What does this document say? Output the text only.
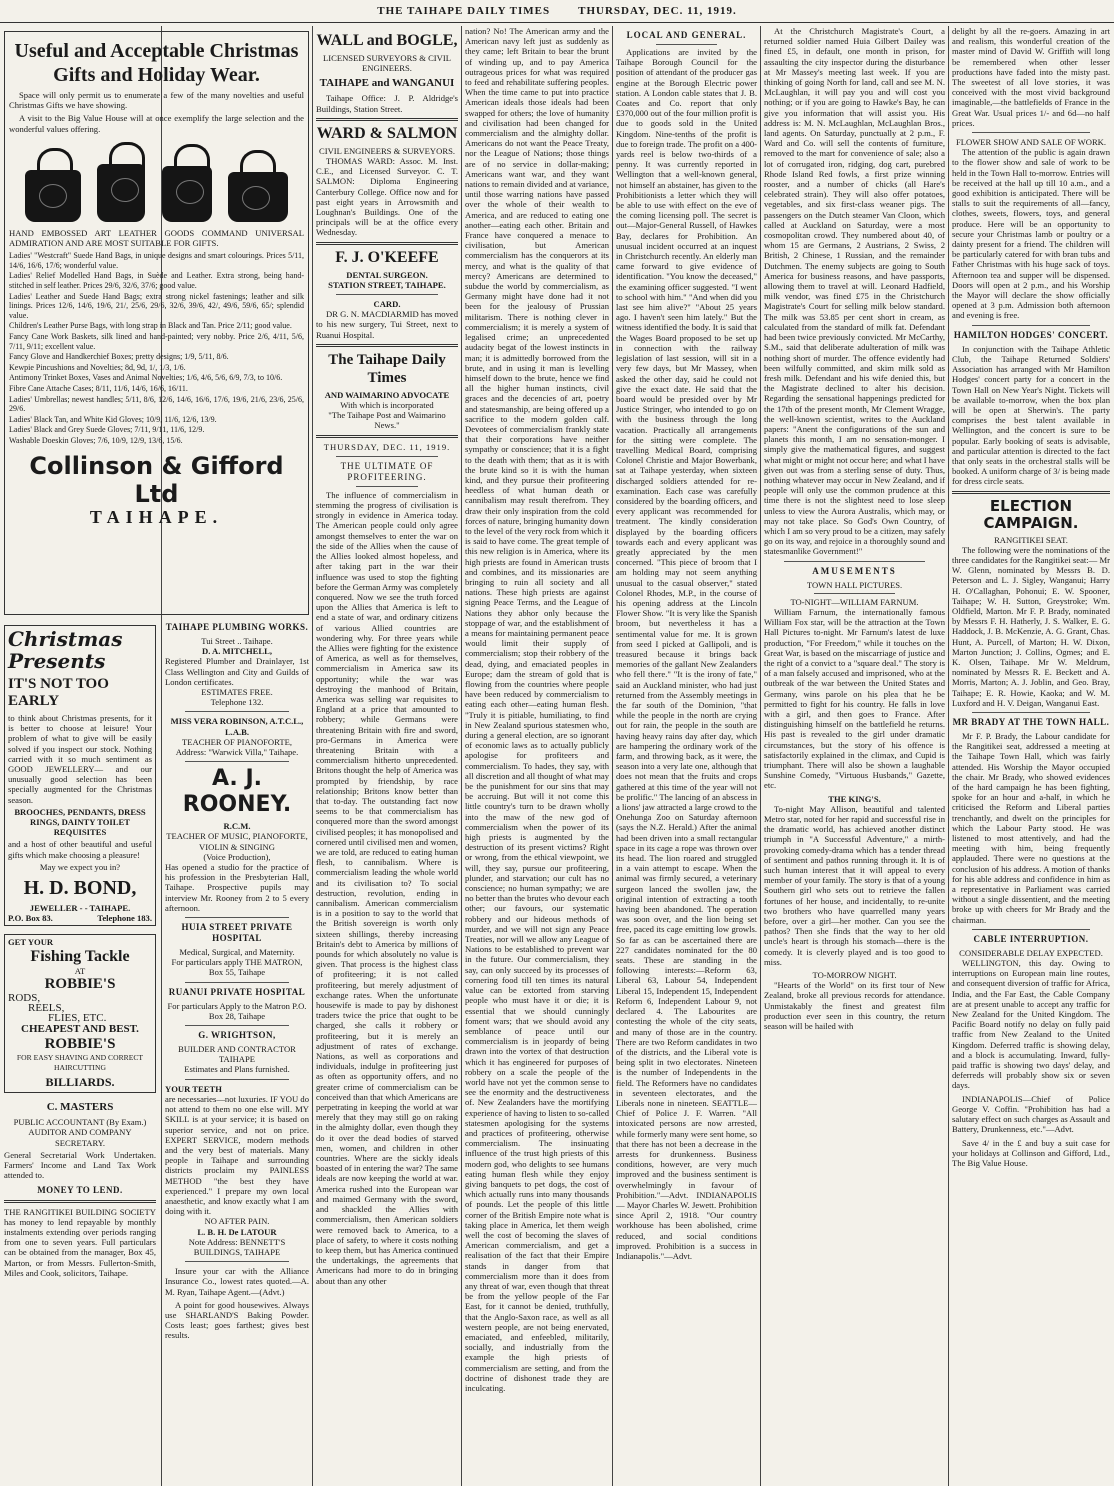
THE TAIHAPE DAILY TIMES	THURSDAY, DEC. 11, 1919.
Useful and Acceptable Christmas Gifts and Holiday Wear.

Space will only permit us to enumerate a few of the many novelties and useful Christmas Gifts we have showing.

A visit to the Big Value House will at once exemplify the large selection and the wonderful values offering.

HAND EMBOSSED ART LEATHER GOODS COMMAND UNIVERSAL ADMIRATION AND ARE MOST SUITABLE FOR GIFTS.

Ladies' "Westcraft" Suede Hand Bags, in unique designs and smart colourings. Prices 5/11, 14/6, 16/6, 17/6; wonderful value.

Ladies' Relief Modelled Hand Bags, in Suède and Leather. Extra strong, being hand-stitched in self leather. Prices 29/6, 32/6, 37/6; good value.

Ladies' Leather and Suede Hand Bags; extra strong nickel fastenings; leather and silk linings. Prices 12/6, 14/6, 19/6, 21/, 25/6, 29/6, 32/6, 39/6, 42/, 49/6, 59/6, 65/; splendid value.

Children's Leather Purse Bags, with long strap in Black and Tan. Price 2/11; good value.

Fancy Cane Work Baskets, silk lined and hand-painted; very nobby. Price 2/6, 4/11, 5/6, 7/11, 9/11; excellent value.

Fancy Glove and Handkerchief Boxes; pretty designs; 1/9, 5/11, 8/6.

Kewpie Pincushions and Novelties; 8d, 9d, 1/, 1/3, 1/6.

Antimony Trinket Boxes, Vases and Animal Novelties; 1/6, 4/6, 5/6, 6/9, 7/3, to 10/6.

Fibre Cane Attache Cases; 8/11, 11/6, 14/6, 16/6, 16/11.

Ladies' Umbrellas; newest handles; 5/11, 8/6, 12/6, 14/6, 16/6, 17/6, 19/6, 21/6, 23/6, 25/6, 29/6.

Ladies' Black Tan, and White Kid Gloves; 10/9, 11/6, 12/6, 13/9.

Ladies' Black and Grey Suede Gloves; 7/11, 9/11, 11/6, 12/9.

Washable Doeskin Gloves; 7/6, 10/9, 12/9, 13/6, 15/6.

Collinson & Gifford Ltd
TAIHAPE.
Christmas Presents
IT'S NOT TOO EARLY

to think about Christmas presents, for it is better to choose at leisure! Your problem of what to give will be easily solved if you inspect our stock. Nothing carried with it so much sentiment as GOOD JEWELLERY— and our unusually good selection has been specially augmented for the Christmas season.

BROOCHES, PENDANTS, DRESS RINGS, DAINTY TOILET REQUISITES

and a host of other beautiful and useful gifts which make choosing a pleasure!

May we expect you in?

H. D. BOND,
JEWELLER - - TAIHAPE.
P.O. Box 83.	Telephone 183.
GET YOUR
Fishing Tackle
AT
ROBBIE'S
RODS,
REELS,
FLIES, ETC.
CHEAPEST AND BEST.
ROBBIE'S
FOR EASY SHAVING AND CORRECT HAIRCUTTING
BILLIARDS.
C. MASTERS

PUBLIC ACCOUNTANT (By Exam.) AUDITOR AND COMPANY SECRETARY.

General Secretarial Work Undertaken. Farmers' Income and Land Tax Work attended to.

MONEY TO LEND.

THE RANGITIKEI BUILDING SOCIETY has money to lend repayable by monthly instalments extending over periods ranging from one to seven years. Full particulars can be obtained from the manager, Box 45, Marton, or from Messrs. Fullerton-Smith, Miles and Cook, solicitors, Taihape.

TAIHAPE PLUMBING WORKS.
Tui Street .. Taihape.
D. A. MITCHELL,

Registered Plumber and Drainlayer, 1st Class Wellington and City and Guilds of London certificates.

ESTIMATES FREE.
Telephone 132.
MISS VERA ROBINSON, A.T.C.L., L.A.B.
TEACHER OF PIANOFORTE,
Address: "Warwick Villa," Taihape.
A. J. ROONEY.
R.C.M.
TEACHER OF MUSIC, PIANOFORTE, VIOLIN & SINGING
(Voice Production),

Has opened a studio for the practice of his profession in the Presbyterian Hall, Taihape. Prospective pupils may interview Mr. Rooney from 2 to 5 every afternoon.

HUIA STREET PRIVATE HOSPITAL
Medical, Surgical, and Maternity.
For particulars apply THE MATRON,
Box 55, Taihape
RUANUI PRIVATE HOSPITAL
For particulars Apply to the Matron P.O. Box 28, Taihape
G. WRIGHTSON,
BUILDER AND CONTRACTOR TAIHAPE
Estimates and Plans furnished.
YOUR TEETH

are necessaries—not luxuries. IF YOU do not attend to them no one else will. MY SKILL is at your service; it is based on superior service, and not on price. EXPERT SERVICE, modern methods and the very best of materials. Many people in Taihape and surrounding districts proclaim my PAINLESS METHOD "the best they have experienced." I prepare my own local anaesthetic, and know exactly what I am doing with it.

NO AFTER PAIN.
L. B. H. De LATOUR
Note Address: BENNETT'S BUILDINGS, TAIHAPE

Insure your car with the Alliance Insurance Co., lowest rates quoted.—A. M. Ryan, Taihape Agent.—(Advt.)

A point for good housewives. Always use SHARLAND'S Baking Powder. Costs least; goes farthest; gives best results.

WALL and BOGLE,
LICENSED SURVEYORS & CIVIL ENGINEERS.
TAIHAPE and WANGANUI

Taihape Office: J. P. Aldridge's Buildings, Station Street.

WARD & SALMON
CIVIL ENGINEERS & SURVEYORS.

THOMAS WARD: Assoc. M. Inst. C.E., and Licensed Surveyor. C. T. SALMON: Diploma Engineering Canterbury College. Office now and for past eight years in Arrowsmith and Loughnan's Buildings. One of the principals will be at the office every Wednesday.

F. J. O'KEEFE
DENTAL SURGEON.
STATION STREET, TAIHAPE.
CARD.

DR G. N. MACDIARMID has moved to his new surgery, Tui Street, next to Ruanui Hospital.

The Taihape Daily Times
AND WAIMARINO ADVOCATE
With which is incorporated
"The Taihape Post and Waimarino News."
THURSDAY, DEC. 11, 1919.
THE ULTIMATE OF PROFITEERING.

The influence of commercialism in stemming the progress of civilisation is strongly in evidence in America today. The American people could only agree amongst themselves to enter the war on the side of the Allies when the cause of the Allies looked almost hopeless, and after taking part in the war their influence was used to stop the fighting before the German Army was completely conquered. Now we see the truth forced upon the Allies that America is left to end a state of war, and ordinary citizens of various Allied countries are wondering why. For three years while the Allies were fighting for the existence of America, as well as for themselves, commercialism in America saw its opportunity; while the war was destroying the manhood of Britain, America was selling war requisites to England at a price that amounted to robbery; while Germans were threatening Britain with fire and sword, pro-Germans in America were threatening Britain with a commercialism hitherto unprecedented. Britons thought the help of America was prompted by friendship, by race relationship; Britons know better than that to-day. The outstanding fact now seems to be that commercialism has conquered more than the sword amongst civilised peoples; it has monopolised and cornered until civilised men and women, we are told, are reduced to eating human flesh, to cannibalism. Where is commercialism leading the whole world and its civilisation to? To social destruction, revolution, ending in cannibalism. American commercialism is in a position to say to the world that the British sovereign is worth only sixteen shillings, thereby increasing Britain's debt to America by millions of pounds for which absolutely no value is given. That process is the highest class of profiteering; it is not called profiteering, but merely adjustment of exchange rates. When the unfortunate housewife is made to pay by dishonest traders twice the price that ought to be charged, she calls it robbery or profiteering, but it is merely an adjustment of rates of exchange. Nations, as well as corporations and individuals, indulge in profiteering just as often as opportunity offers, and no greater crime of commercialism can be conceived than that which Americans are perpetrating in keeping the world at war merely that they may still go on raking in the almighty dollar, even though they do it over the dead bodies of starved men, women, and children in other countries. Where are the sickly ideals boasted of in entering the war? The same ideals are now keeping the world at war. America rushed into the European war and maimed Germany with the sword, and shackled the Allies with commercialism, then American soldiers were removed back to America, to a place of safety, to where it costs nothing to keep them, but has America continued the undertakings, the agreements that Americans had more to do in bringing about than any other

nation? No! The American army and the American navy left just as suddenly as they came; left Britain to bear the brunt of winding up, and to pay America outrageous prices for what was required to feed and rehabilitate suffering peoples. When the time came to put into practice American ideals those ideals had been swapped for others; the love of humanity and civilisation had been changed for commercialism and the almighty dollar. Americans do not want the Peace Treaty, nor the League of Nations; those things are of no service in dollar-making; Americans want war, and they want nations to remain divided and at variance, until those warring nations have passed over the whole of their wealth to America, and are reduced to eating one another—eating each other. Britain and France have conquered a menace to civilisation, but American commercialism has the conquerors at its mercy, and what is the quality of that mercy? Americans are determined to subdue the world by commercialism, as Germany might have done had it not been for the jealousy of Prussian militarism. There is nothing clever in commercialism; it is merely a system of legalised crime; an unprecedented audacity begat of the lowest instincts in man; it is admittedly borrowed from the brute, and in using it man is levelling himself down to the brute, hence we find all the higher human instincts, civil graces and the decencies of art, poetry and statesmanship, are being offered up a sacrifice to the modern golden calf. Devotees of commercialism frankly state that their corporations have neither sympathy or conscience; that it is a fight to the death with them; that as it is with the brute kind so it is with the human kind, and they pursue their profiteering heedless of what human death or cannibalism may result therefrom. They draw their only inspiration from the cold forces of nature, bringing humanity down to the level of the very rock from which it is said to have come. The great temple of this new religion is in America, where its high priests are found in American trusts and combines, and its missionaries are bringing to ruin all society and all nations. These high priests are against signing Peace Terms, and the League of Nations they abhor only because the stoppage of war, and the establishment of a means for maintaining permanent peace would limit their supply of commercialism; stop their robbery of the dead, dying, and emaciated peoples in Europe; dam the stream of gold that is flowing from the countries where people have been reduced by commercialism to eating each other—eating human flesh. "Truly it is pitiable, humiliating, to find in New Zealand spurious statesmen who, during a general election, are so ignorant of economic laws as to actually publicly apologise for profiteers and commercialism. To hades, they say, with all discretion and all thought of what may be the punishment for our sins that may be accruing. But will it not come this little country's turn to be drawn wholly into the maw of the new god of commercialism when the power of its high priests is augmented by the destruction of its present victims? Right or wrong, from the ethical viewpoint, we will, they say, pursue our profiteering, plunder, and starvation; our cult has no conscience; no human sympathy; we are no better than the brutes who devour each other; our favours, our systematic robbery and our hideous methods of murder, and we will not sign any Peace Treaties, nor will we allow any League of Nations to be established to prevent war in the future. Our commercialism, they say, can only succeed by its processes of cornering food till ten times its natural value can be extorted from starving people who must have it or die; it is essential that we should cunningly foment wars; that we should avoid any semblance of peace until our commercialism is in jeopardy of being drawn into the vortex of that destruction which it has engineered for purposes of robbery on a scale the people of the world have not yet the common sense to see the enormity and the destructiveness of. New Zealanders have the mortifying experience of having to listen to so-called statesmen apologising for the systems and practices of profiteering, otherwise commercialism. The insinuating influence of the trust high priests of this modern god, who delights to see humans eating human flesh while they enjoy giving banquets to pet dogs, the cost of which actually runs into many thousands of pounds. Let the people of this little corner of the British Empire note what is taking place in America, let them weigh well the cost of becoming the slaves of American commercialism, and get a realisation of the fact that their Empire stands in danger from that commercialism more than it does from any threat of war, even though that threat be from the yellow people of the Far East, for it cannot be denied, truthfully, that the Anglo-Saxon race, as well as all western people, are not being enervated, emaciated, and enfeebled, militarily, socially, and industrially from the example the high priests of commercialism are setting, and from the doctrine of dishonest trade they are inculcating.

LOCAL AND GENERAL.

Applications are invited by the Taihape Borough Council for the position of attendant of the producer gas engine at the Borough Electric power station. A London cable states that J. B. Coates and Co. report that only £370,000 out of the four million profit is due to goods sold in the United Kingdom. Nine-tenths of the profit is due to foreign trade. The profit on a 400-yards reel is below two-thirds of a penny. It was currently reported in Wellington that a well-known general, not himself an abstainer, has given to the Prohibitionists a letter which they will be able to use with effect on the eve of the coming licensing poll. The secret is out—Major-General Russell, of Hawkes Bay, declares for Prohibition. An unusual incident occurred at an inquest in Christchurch recently. An elderly man came forward to give evidence of identification. "You know the deceased," the examining officer suggested. "I went to school with him." "And when did you last see him alive?" "About 25 years ago. I haven't seen him lately." But the witness identified the body. It is said that the Wages Board proposed to be set up in connection with the railway legislation of last session, will sit in a very few days, but Mr Massey, when asked the other day, said he could not give the exact date. He said that the board would be presided over by Mr Justice Stringer, who intended to go on with the business through the long vacation. Practically all arrangements for the sitting were complete. The travelling Medical Board, comprising Colonel Christie and Major Bowerbank, sat at Taihape yesterday, when sixteen discharged soldiers attended for re-examination. Each case was carefully considered by the boarding officers, and every applicant was recommended for treatment. The kindly consideration displayed by the boarding officers towards each and every applicant was greatly appreciated by the men concerned. "This piece of broom that I am holding may not seem anything unusual to the casual observer," stated Colonel Rhodes, M.P., in the course of his opening address at the Lincoln Flower Show. "It is very like the Spanish broom, but nevertheless it has a sentimental value for me. It is grown from seed I picked at Gallipoli, and is treasured because it brings back memories of the gallant New Zealanders who fell there." "It is the irony of fate," said an Auckland minister, who had just returned from the Assembly meetings in the far south of the Dominion, "that while the people in the north are crying out for rain, the people in the south are having heavy rains day after day, which are hampering the ordinary work of the farm, and throwing back, as it were, the season into a very late one, although that does not mean that the fruits and crops gathered at this time of the year will not be prolific." The lancing of an abscess in a lions' jaw attracted a large crowd to the Onehunga Zoo on Saturday afternoon (says the N.Z. Herald.) After the animal had been driven into a small rectangular space in its cage a rope was thrown over its head. The lion roared and struggled in a vain attempt to escape. When the animal was firmly secured, a veterinary surgeon lanced the swollen jaw, the original intention of extracting a tooth having been abandoned. The operation was soon over, and the lion being set free, paced its cage emitting low growls. So far as can be ascertained there are 227 candidates nominated for the 80 seats. These are standing in the following interests:—Reform 63, Liberal 63, Labour 54, Independent Liberal 15, Independent 15, Independent Reform 6, Independent Labour 9, not declared 4. The Labourites are contesting the whole of the city seats, and many of those are in the country. There are two Reform candidates in two of the districts, and the Liberal vote is being split in two electorates. Nineteen is the number of Independents in the field. The Reformers have no candidates in seventeen electorates, and the Liberals none in nineteen. SEATTLE—Chief of Police J. F. Warren. "All intoxicated persons are now arrested, while formerly many were sent home, so that there has not been a decrease in the arrests for drunkenness. Business conditions, however, are very much improved and the business sentiment is overwhelmingly in favour of Prohibition."—Advt. INDIANAPOLIS — Mayor Charles W. Jewett. Prohibition since April 2, 1918. "Our country workhouse has been abolished, crime reduced, and social conditions improved. Prohibition is a success in Indianapolis."—Advt.

At the Christchurch Magistrate's Court, a returned soldier named Huia Gilbert Dailey was fined £5, in default, one month in prison, for assaulting the city inspector during the disturbance at Mr Massey's meeting last week. If you are thinking of going North for land, call and see M. N. McLaughlan, it will pay you and will cost you nothing; or if you are going to Hawke's Bay, he can give you information that will assist you. His address is: M. N. McLaughlan, McLaughlan Bros., land agents. On Saturday, punctually at 2 p.m., F. Ward and Co. will sell the contents of furniture, removed to the mart for convenience of sale; also a lot of corrugated iron, ridging, dog cart, purebred Rhode Island Red fowls, a first prize winning rooster, and a number of chicks (all Hare's celebrated strain). They will also offer potatoes, vegetables, and six first-class weaner pigs. The passengers on the Dutch steamer Van Cloon, which called at Auckland on Saturday, were a most cosmopolitan crowd. They numbered about 40, of whom 15 are Germans, 2 Austrians, 2 Swiss, 2 British, 2 Chinese, 1 Russian, and the remainder Dutchmen. The enemy subjects are going to South America for business reasons, and have passports, allowing them to travel at will. Leonard Hadfield, milk vendor, was fined £75 in the Christchurch Magistrate's Court for selling milk below standard. The milk was 53.85 per cent short in cream, as calculated from the standard of milk fat. Defendant had been twice previously convicted. Mr McCarthy, S.M., said that deliberate adulteration of milk was nothing short of murder. The offence evidently had been wilfully committed, and skim milk sold as fresh milk. Defendant and his wife denied this, but the Magistrate declined to alter his decision. Regarding the sensational happenings predicted for the 17th of the present month, Mr Clement Wragge, the well-known scientist, writes to the Auckland papers: "Anent the configurations of the sun and planets this month, I am no sensation-monger. I simply give the mathematical figures, and suggest what might or might not occur here; and what I have given out was from a sterling sense of duty. Thus, nothing whatever may occur in New Zealand, and if people will only use the common prudence at this time there is not the slightest need to lose sleep unless to view the Aurora Australis, which may, or may not take place. So God's Own Country, of which I am so very proud to be a citizen, may safely go on its way, and rejoice in a thoroughly sound and statesmanlike Government!"

AMUSEMENTS
TOWN HALL PICTURES.
TO-NIGHT—WILLIAM FARNUM.

William Farnum, the internationally famous William Fox star, will be the attraction at the Town Hall Pictures to-night. Mr Farnum's latest de luxe production, "For Freedom," while it touches on the Great War, is based on the miscarriage of justice and the right of a convict to a "square deal." The story is of a man falsely accused and imprisoned, who at the outbreak of the war between the United States and Germany, wins parole on his plea that he be permitted to fight for his country. He falls in love with a girl, and then goes to France. After distinguishing himself on the battlefield he returns. His past is revealed to the girl under dramatic circumstances, but the story of his offence is satisfactorily explained in the climax, and Cupid is triumphant. There will also be shown a laughable Sunshine Comedy, "Virtuous Husbands," Gazette, etc.

THE KING'S.

To-night May Allison, beautiful and talented Metro star, noted for her rapid and successful rise in the dramatic world, has achieved another distinct triumph in "A Successful Adventure," a mirth-provoking comedy-drama which has a tender thread of sentiment and pathos running through it. It is of such human interest that it will appeal to every member of your family. The story is that of a young Southern girl who sets out to retrieve the fallen fortunes of her house, and incidentally, to re-unite two brothers who have quarrelled many years before, over a girl—her mother. Can you see the pathos? Then she finds that the way to her old uncle's heart is through his stomach—there is the comedy. It is cleverly played and is too good to miss.

TO-MORROW NIGHT.

"Hearts of the World" on its first tour of New Zealand, broke all previous records for attendance. Unmistakably the finest and greatest film production ever seen in this country, the return season will be hailed with

delight by all the re-goers. Amazing in art and realism, this wonderful creation of the master mind of David W. Griffith will long be remembered when other lesser productions have faded into the misty past. The sweetest of all love stories, it was conceived with the most vivid background imaginable,—the battlefields of France in the Great War. Usual prices 1/- and 6d—no half prices.

FLOWER SHOW AND SALE OF WORK.

The attention of the public is again drawn to the flower show and sale of work to be held in the Town Hall to-morrow. Entries will be received at the hall up till 10 a.m., and a good exhibition is anticipated. There will be stalls to suit the requirements of all—fancy, clothes, sweets, flowers, toys, and general produce. Here will be an opportunity to secure your Christmas lamb or poultry or a dainty present for a friend. The children will be particularly catered for with bran tubs and Father Christmas with his huge sack of toys. Afternoon tea and supper will be dispensed. Doors will open at 2 p.m., and his Worship the Mayor will declare the show officially opened at 3 p.m. Admission both afternoon and evening is free.

HAMILTON HODGES' CONCERT.

In conjunction with the Taihape Athletic Club, the Taihape Returned Soldiers' Association has arranged with Mr Hamilton Hodges' concert party for a concert in the Town Hall on New Year's Night. Tickets will be available to-morrow, when the box plan will be open at Sherwin's. The party comprises the best talent available in Wellington, and the concert is sure to be popular. Early booking of seats is advisable, and particular attention is directed to the fact that only seats in the orchestral stalls will be booked. A uniform charge of 3/ is being made for dress circle seats.

ELECTION CAMPAIGN.
RANGITIKEI SEAT.

The following were the nominations of the three candidates for the Rangitikei seat:— Mr W. Glenn, nominated by Messrs B. D. Peterson and L. J. Sigley, Wanganui; Harry H. O'Callaghan, Pohonui; E. W. Spooner, Taihape; W. H. Sutton, Greystroke; Wm. Oldfield, Marton. Mr F. P. Brady, nominated by Messrs F. H. Hatherly, J. S. Walker, E. G. Haddock, J. B. McKenzie, A. G. Grant, Chas. Hunt, A. Purcell, of Marton; H. W. Dixon, Marton Junction; J. Collins, Ogmes; and E. K. Olsen, Taihape. Mr W. Meldrum, nominated by Messrs R. E. Beckett and A. Morris, Marton; A. J. Joblin, and Geo. Bray, Taihape; E. R. Howie, Kaoka; and W. M. Luxford and H. V. Deigan, Wanganui East.

MR BRADY AT THE TOWN HALL.

Mr F. P. Brady, the Labour candidate for the Rangitikei seat, addressed a meeting at the Taihape Town Hall, which was fairly attended. His Worship the Mayor occupied the chair. Mr Brady, who showed evidences of the hard campaign he has been fighting, spoke for an hour and a-half, in which he criticised the Reform and Liberal parties trenchantly, and dwelt on the principles for which the Labour Party stood. He was listened to most attentively, and had the meeting with him, being frequently applauded. There were no questions at the conclusion of his address. A motion of thanks for his able address and confidence in him as a representative in Parliament was carried without a single dissentient, and the meeting broke up with cheers for Mr Brady and the chairman.

CABLE INTERRUPTION.
CONSIDERABLE DELAY EXPECTED.

WELLINGTON, this day. Owing to interruptions on European main line routes, and consequent diversion of traffic for Africa, India, and the Far East, the Cable Company are at present unable to accept any traffic for New Zealand for the United Kingdom. The Pacific Board notify no delay on fully paid traffic from New Zealand to the United Kingdom. Deferred traffic is showing delay, and a block is accumulating. Inward, fully-paid traffic is showing two days' delay, and deferreds will probably show six or seven days.

INDIANAPOLIS—Chief of Police George V. Coffin. "Prohibition has had a salutary effect on such charges as Assault and Battery, Drunkenness, etc."—Advt.

Save 4/ in the £ and buy a suit case for your holidays at Collinson and Gifford, Ltd., The Big Value House.
